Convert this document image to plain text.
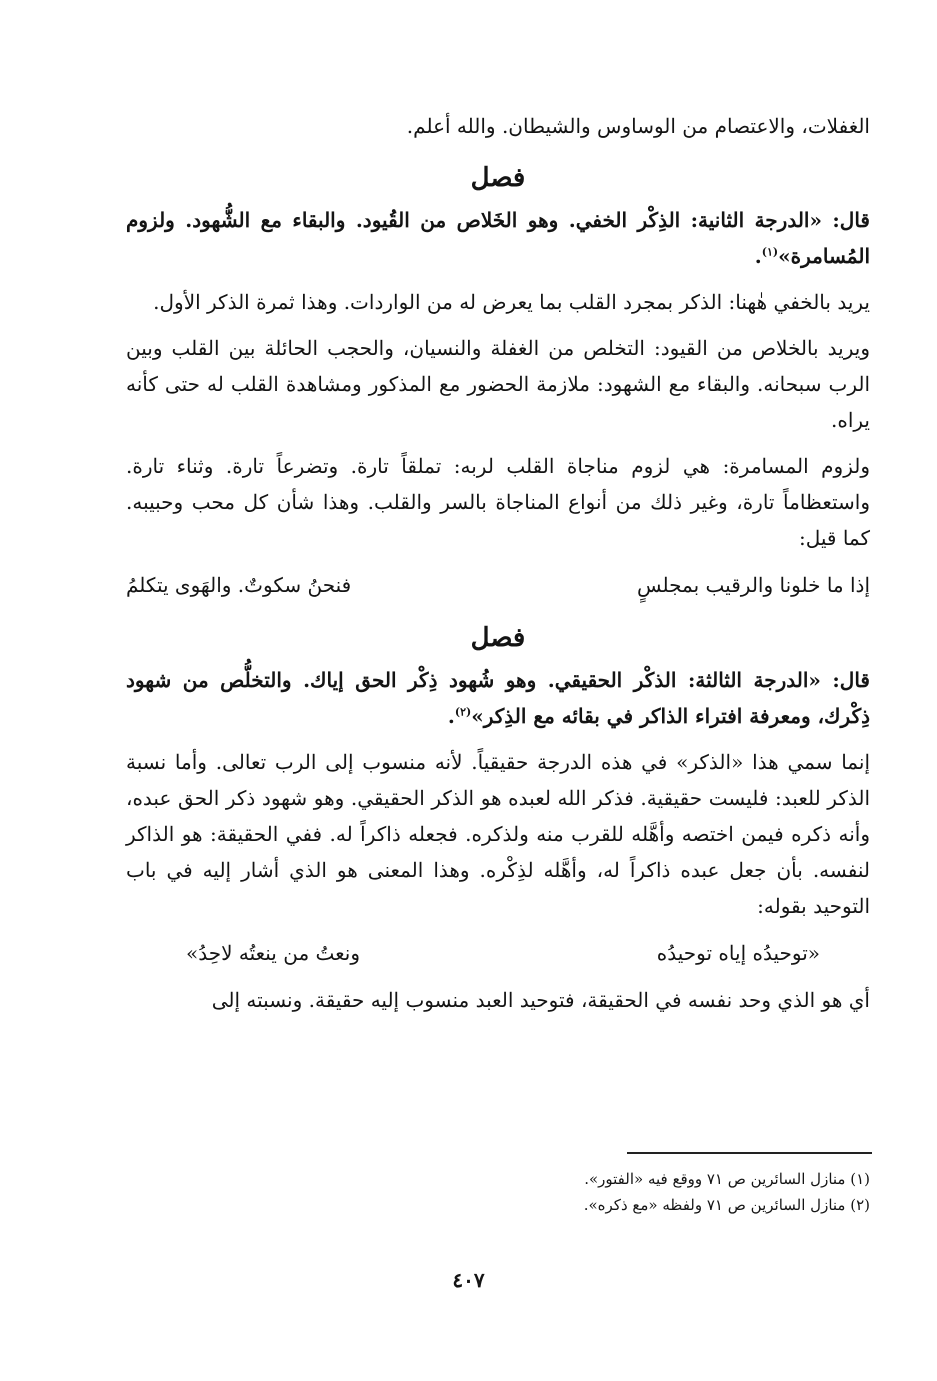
الغفلات، والاعتصام من الوساوس والشيطان. والله أعلم.

فصل

قال: «الدرجة الثانية: الذِكْر الخفي. وهو الخَلاص من القُيود. والبقاء مع الشُّهود. ولزوم المُسامرة»$^{(١)}$.

يريد بالخفي هٰهنا: الذكر بمجرد القلب بما يعرض له من الواردات. وهذا ثمرة الذكر الأول.

ويريد بالخلاص من القيود: التخلص من الغفلة والنسيان، والحجب الحائلة بين القلب وبين الرب سبحانه. والبقاء مع الشهود: ملازمة الحضور مع المذكور ومشاهدة القلب له حتى كأنه يراه.

ولزوم المسامرة: هي لزوم مناجاة القلب لربه: تملقاً تارة. وتضرعاً تارة. وثناء تارة. واستعظاماً تارة، وغير ذلك من أنواع المناجاة بالسر والقلب. وهذا شأن كل محب وحبيبه. كما قيل:

إذا ما خلونا والرقيب بمجلسٍ
فنحنُ سكوتٌ. والهَوى يتكلمُ
فصل

قال: «الدرجة الثالثة: الذكْر الحقيقي. وهو شُهود ذِكْر الحق إياك. والتخلُّص من شهود ذِكْرك، ومعرفة افتراء الذاكر في بقائه مع الذِكر»$^{(٢)}$.

إنما سمي هذا «الذكر» في هذه الدرجة حقيقياً. لأنه منسوب إلى الرب تعالى. وأما نسبة الذكر للعبد: فليست حقيقية. فذكر الله لعبده هو الذكر الحقيقي. وهو شهود ذكر الحق عبده، وأنه ذكره فيمن اختصه وأهَّله للقرب منه ولذكره. فجعله ذاكراً له. ففي الحقيقة: هو الذاكر لنفسه. بأن جعل عبده ذاكراً له، وأهَّله لذِكْره. وهذا المعنى هو الذي أشار إليه في باب التوحيد بقوله:

«توحيدُه إياه توحيدُه
ونعتُ من ينعتُه لاحِدُ»

أي هو الذي وحد نفسه في الحقيقة، فتوحيد العبد منسوب إليه حقيقة. ونسبته إلى

(١) منازل السائرين ص ٧١ ووقع فيه «الفتور».
(٢) منازل السائرين ص ٧١ ولفظه «مع ذكره».
٤٠٧
